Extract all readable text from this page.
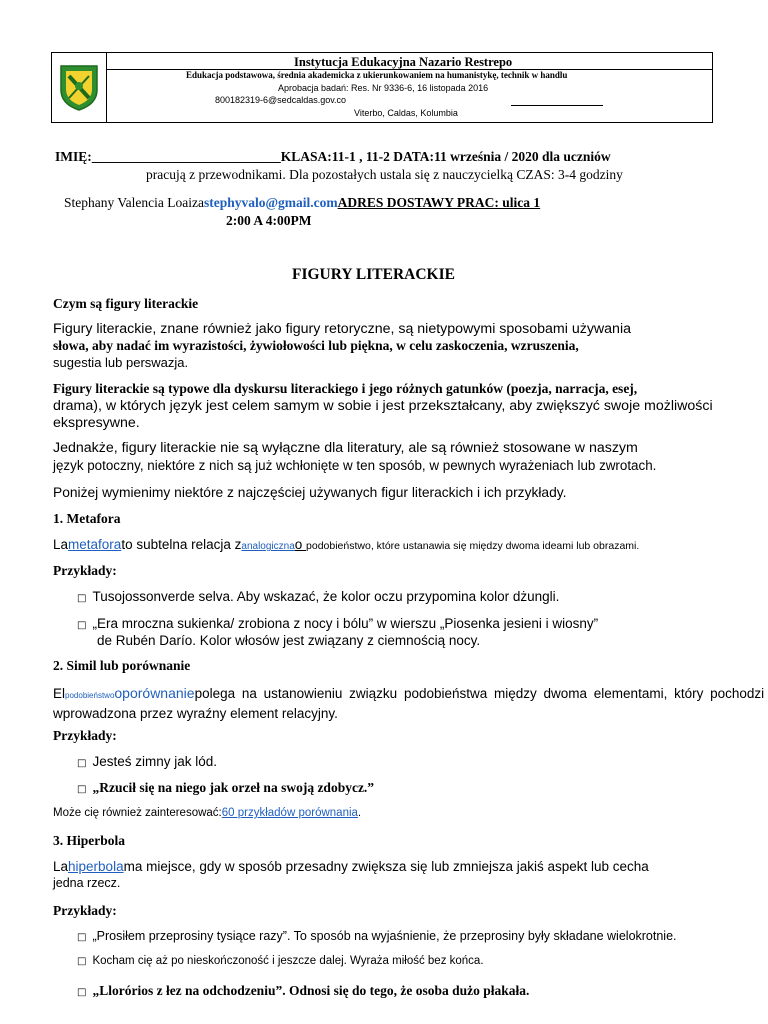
Instytucja Edukacyjna Nazario Restrepo
Edukacja podstawowa, średnia akademicka z ukierunkowaniem na humanistykę, technik w handlu
Aprobacja badań: Res. Nr 9336-6, 16 listopada 2016
800182319-6@sedcaldas.gov.co
Viterbo, Caldas, Kolumbia
IMIĘ:____________________________KLASA:11-1 , 11-2 DATA:11 września / 2020 dla uczniów
pracują z przewodnikami. Dla pozostałych ustala się z nauczycielką CZAS: 3-4 godziny
Stephany Valencia Loaizastephyvalo@gmail.comADRES DOSTAWY PRAC: ulica 1
2:00 A 4:00PM
FIGURY LITERACKIE
Czym są figury literackie
Figury literackie, znane również jako figury retoryczne, są nietypowymi sposobami używania
słowa, aby nadać im wyrazistości, żywiołowości lub piękna, w celu zaskoczenia, wzruszenia,
sugestia lub perswazja.
Figury literackie są typowe dla dyskursu literackiego i jego różnych gatunków (poezja, narracja, esej,
drama), w których język jest celem samym w sobie i jest przekształcany, aby zwiększyć swoje możliwości
ekspresywne.
Jednakże, figury literackie nie są wyłączne dla literatury, ale są również stosowane w naszym
język potoczny, niektóre z nich są już wchłonięte w ten sposób, w pewnych wyrażeniach lub zwrotach.
Poniżej wymienimy niektóre z najczęściej używanych figur literackich i ich przykłady.
1. Metafora
Lametaforato subtelna relacja zanalogicznao podobieństwo, które ustanawia się między dwoma ideami lub obrazami.
Przykłady:
□ Tusojossonverde selva. Aby wskazać, że kolor oczu przypomina kolor dżungli.
□ „Era mroczna sukienka/ zrobiona z nocy i bólu” w wierszu „Piosenka jesieni i wiosny”
de Rubén Darío. Kolor włosów jest związany z ciemnością nocy.
2. Simil lub porównanie
Elpodobieństwooporównaniepolega na ustanowieniu związku podobieństwa między dwoma elementami, który pochodzi
wprowadzona przez wyraźny element relacyjny.
Przykłady:
□ Jesteś zimny jak lód.
□ „Rzucił się na niego jak orzeł na swoją zdobycz.”
Może cię również zainteresować:60 przykładów porównania.
3. Hiperbola
Lahiperbolama miejsce, gdy w sposób przesadny zwiększa się lub zmniejsza jakiś aspekt lub cecha
jedna rzecz.
Przykłady:
□ „Prosiłem przeprosiny tysiące razy”. To sposób na wyjaśnienie, że przeprosiny były składane wielokrotnie.
□ Kocham cię aż po nieskończoność i jeszcze dalej. Wyraża miłość bez końca.
□ „Llorórios z łez na odchodzeniu”. Odnosi się do tego, że osoba dużo płakała.
